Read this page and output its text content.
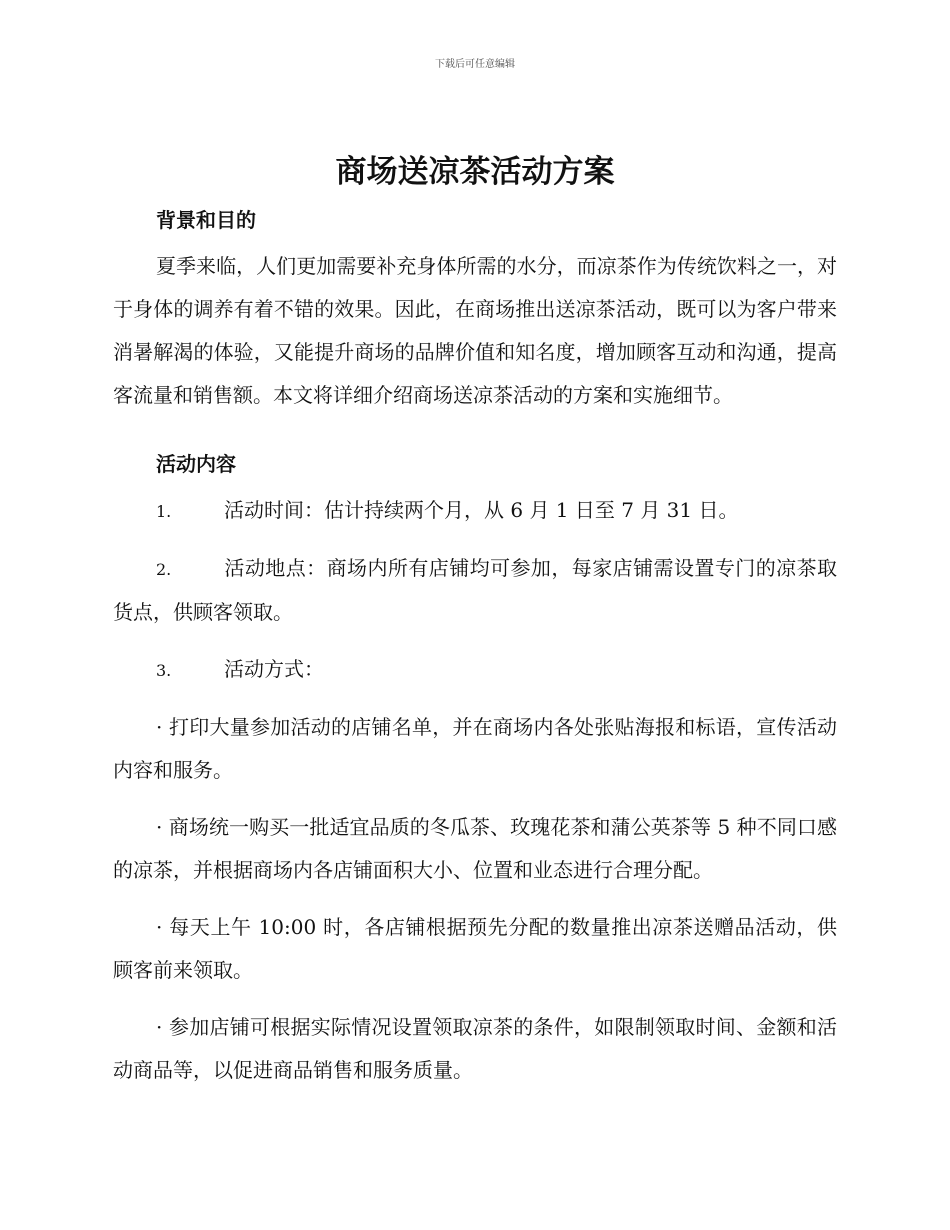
下载后可任意编辑
商场送凉茶活动方案
背景和目的

夏季来临，人们更加需要补充身体所需的水分，而凉茶作为传统饮料之一，对于身体的调养有着不错的效果。因此，在商场推出送凉茶活动，既可以为客户带来消暑解渴的体验，又能提升商场的品牌价值和知名度，增加顾客互动和沟通，提高客流量和销售额。本文将详细介绍商场送凉茶活动的方案和实施细节。

活动内容

1.	活动时间：估计持续两个月，从 6 月 1 日至 7 月 31 日。

2.	活动地点：商场内所有店铺均可参加，每家店铺需设置专门的凉茶取货点，供顾客领取。

3.	活动方式：

· 打印大量参加活动的店铺名单，并在商场内各处张贴海报和标语，宣传活动内容和服务。

· 商场统一购买一批适宜品质的冬瓜茶、玫瑰花茶和蒲公英茶等 5 种不同口感的凉茶，并根据商场内各店铺面积大小、位置和业态进行合理分配。

· 每天上午 10:00 时，各店铺根据预先分配的数量推出凉茶送赠品活动，供顾客前来领取。

· 参加店铺可根据实际情况设置领取凉茶的条件，如限制领取时间、金额和活动商品等，以促进商品销售和服务质量。
